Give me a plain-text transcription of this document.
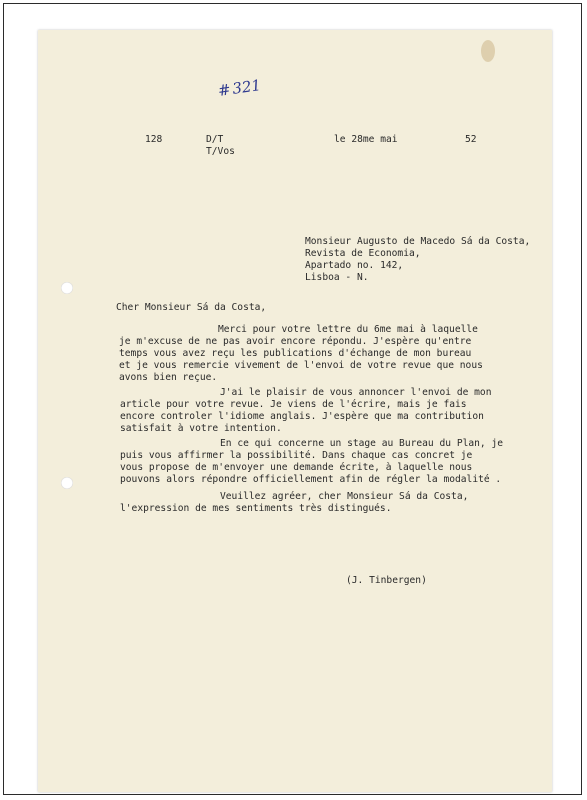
#321
128	D/T
T/Vos
le 28me mai	52
Monsieur Augusto de Macedo Sá da Costa,
Revista de Economia,
Apartado no. 142,
Lisboa - N.
Cher Monsieur Sá da Costa,
Merci pour votre lettre du 6me mai à laquelle
je m'excuse de ne pas avoir encore répondu. J'espère qu'entre
temps vous avez reçu les publications d'échange de mon bureau
et je vous remercie vivement de l'envoi de votre revue que nous
avons bien reçue.
J'ai le plaisir de vous annoncer l'envoi de mon
article pour votre revue. Je viens de l'écrire, mais je fais
encore controler l'idiome anglais. J'espère que ma contribution
satisfait à votre intention.
En ce qui concerne un stage au Bureau du Plan, je
puis vous affirmer la possibilité. Dans chaque cas concret je
vous propose de m'envoyer une demande écrite, à laquelle nous
pouvons alors répondre officiellement afin de régler la modalité .
Veuillez agréer, cher Monsieur Sá da Costa,
l'expression de mes sentiments très distingués.
(J. Tinbergen)
